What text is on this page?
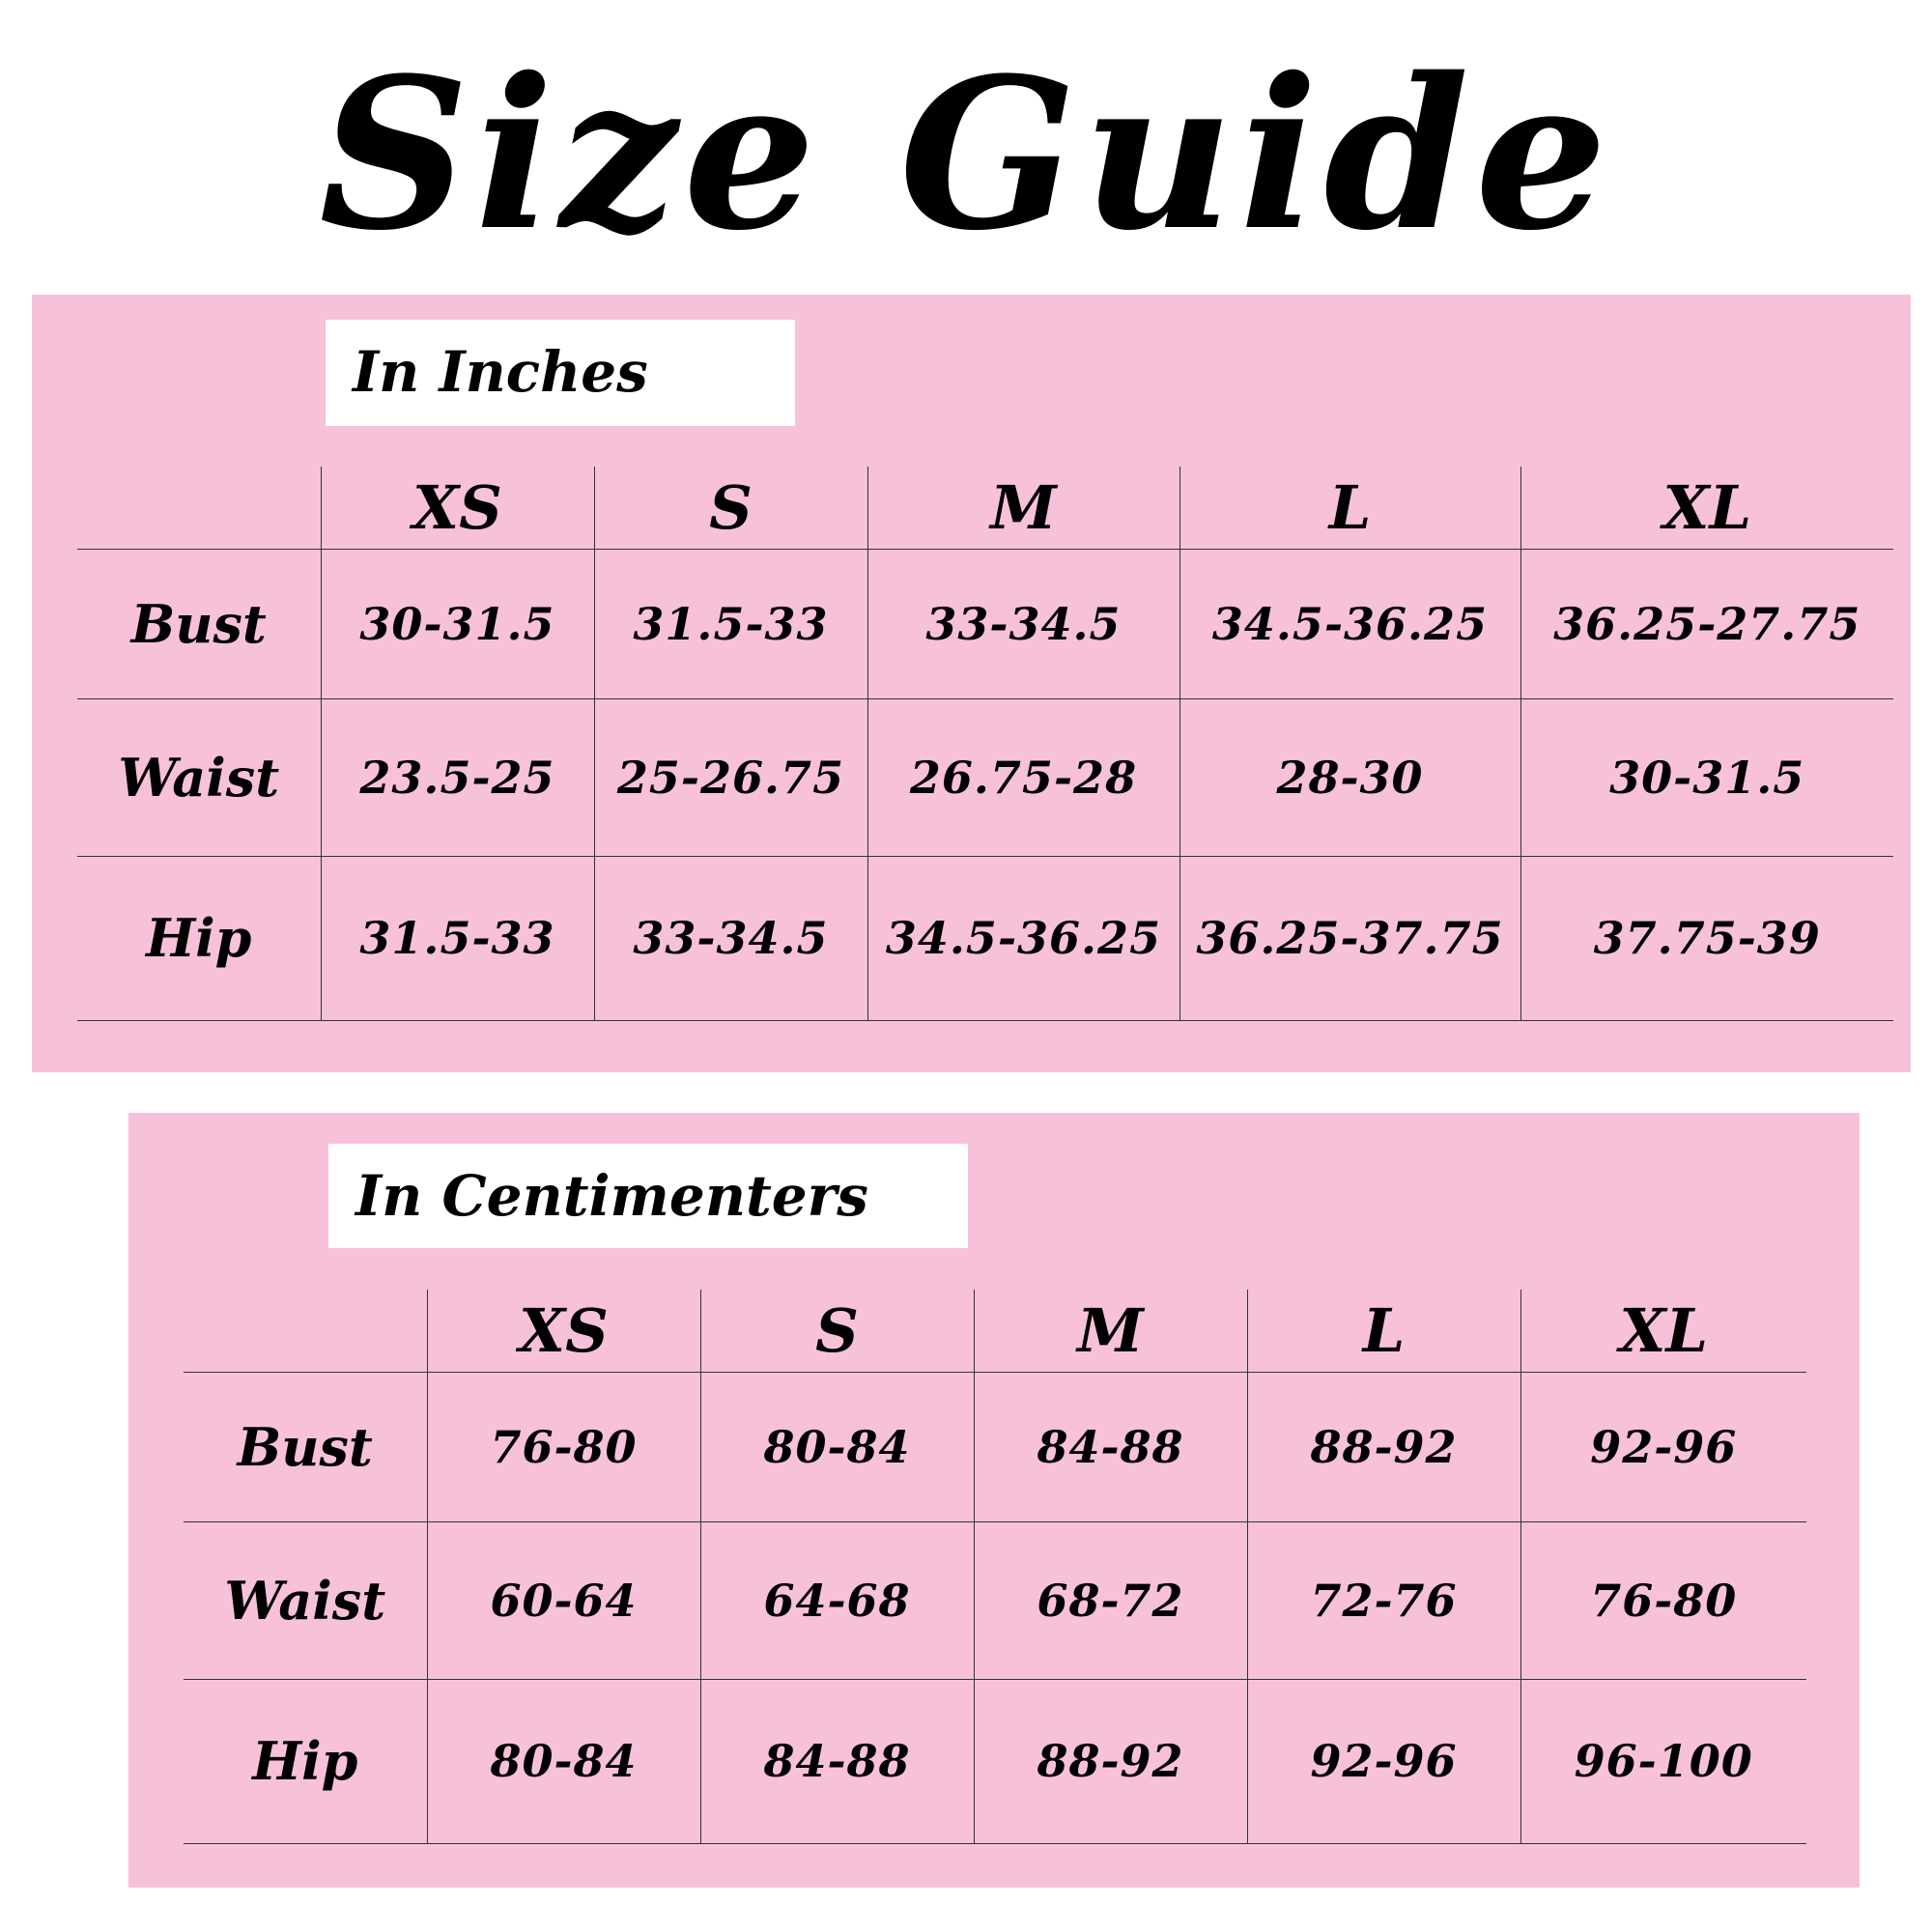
Size Guide
In Inches
	XS	S	M	L	XL
Bust	30-31.5	31.5-33	33-34.5	34.5-36.25	36.25-27.75
Waist	23.5-25	25-26.75	26.75-28	28-30	30-31.5
Hip	31.5-33	33-34.5	34.5-36.25	36.25-37.75	37.75-39
In Centimenters
	XS	S	M	L	XL
Bust	76-80	80-84	84-88	88-92	92-96
Waist	60-64	64-68	68-72	72-76	76-80
Hip	80-84	84-88	88-92	92-96	96-100
